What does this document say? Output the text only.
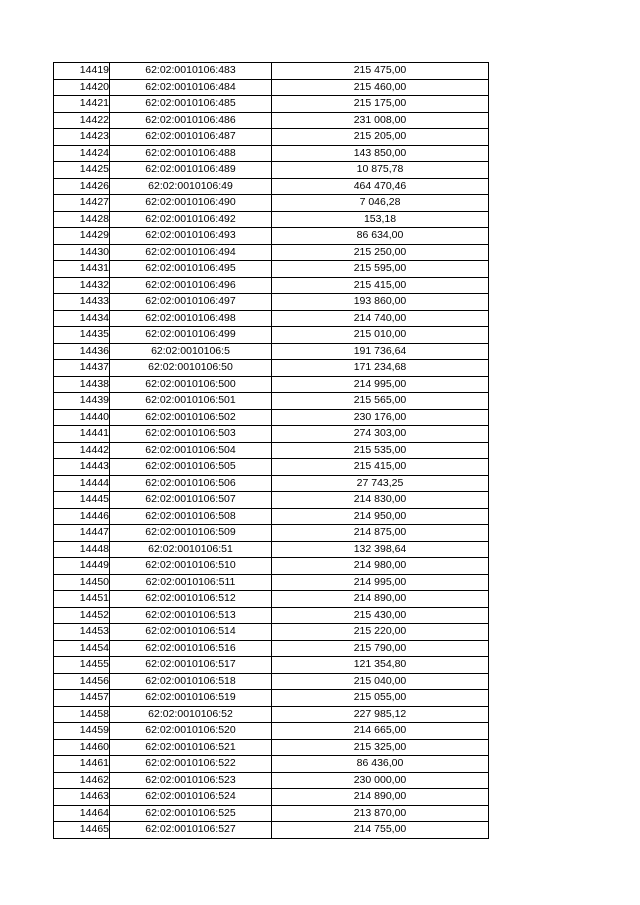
14419	62:02:0010106:483	215 475,00
14420	62:02:0010106:484	215 460,00
14421	62:02:0010106:485	215 175,00
14422	62:02:0010106:486	231 008,00
14423	62:02:0010106:487	215 205,00
14424	62:02:0010106:488	143 850,00
14425	62:02:0010106:489	10 875,78
14426	62:02:0010106:49	464 470,46
14427	62:02:0010106:490	7 046,28
14428	62:02:0010106:492	153,18
14429	62:02:0010106:493	86 634,00
14430	62:02:0010106:494	215 250,00
14431	62:02:0010106:495	215 595,00
14432	62:02:0010106:496	215 415,00
14433	62:02:0010106:497	193 860,00
14434	62:02:0010106:498	214 740,00
14435	62:02:0010106:499	215 010,00
14436	62:02:0010106:5	191 736,64
14437	62:02:0010106:50	171 234,68
14438	62:02:0010106:500	214 995,00
14439	62:02:0010106:501	215 565,00
14440	62:02:0010106:502	230 176,00
14441	62:02:0010106:503	274 303,00
14442	62:02:0010106:504	215 535,00
14443	62:02:0010106:505	215 415,00
14444	62:02:0010106:506	27 743,25
14445	62:02:0010106:507	214 830,00
14446	62:02:0010106:508	214 950,00
14447	62:02:0010106:509	214 875,00
14448	62:02:0010106:51	132 398,64
14449	62:02:0010106:510	214 980,00
14450	62:02:0010106:511	214 995,00
14451	62:02:0010106:512	214 890,00
14452	62:02:0010106:513	215 430,00
14453	62:02:0010106:514	215 220,00
14454	62:02:0010106:516	215 790,00
14455	62:02:0010106:517	121 354,80
14456	62:02:0010106:518	215 040,00
14457	62:02:0010106:519	215 055,00
14458	62:02:0010106:52	227 985,12
14459	62:02:0010106:520	214 665,00
14460	62:02:0010106:521	215 325,00
14461	62:02:0010106:522	86 436,00
14462	62:02:0010106:523	230 000,00
14463	62:02:0010106:524	214 890,00
14464	62:02:0010106:525	213 870,00
14465	62:02:0010106:527	214 755,00
